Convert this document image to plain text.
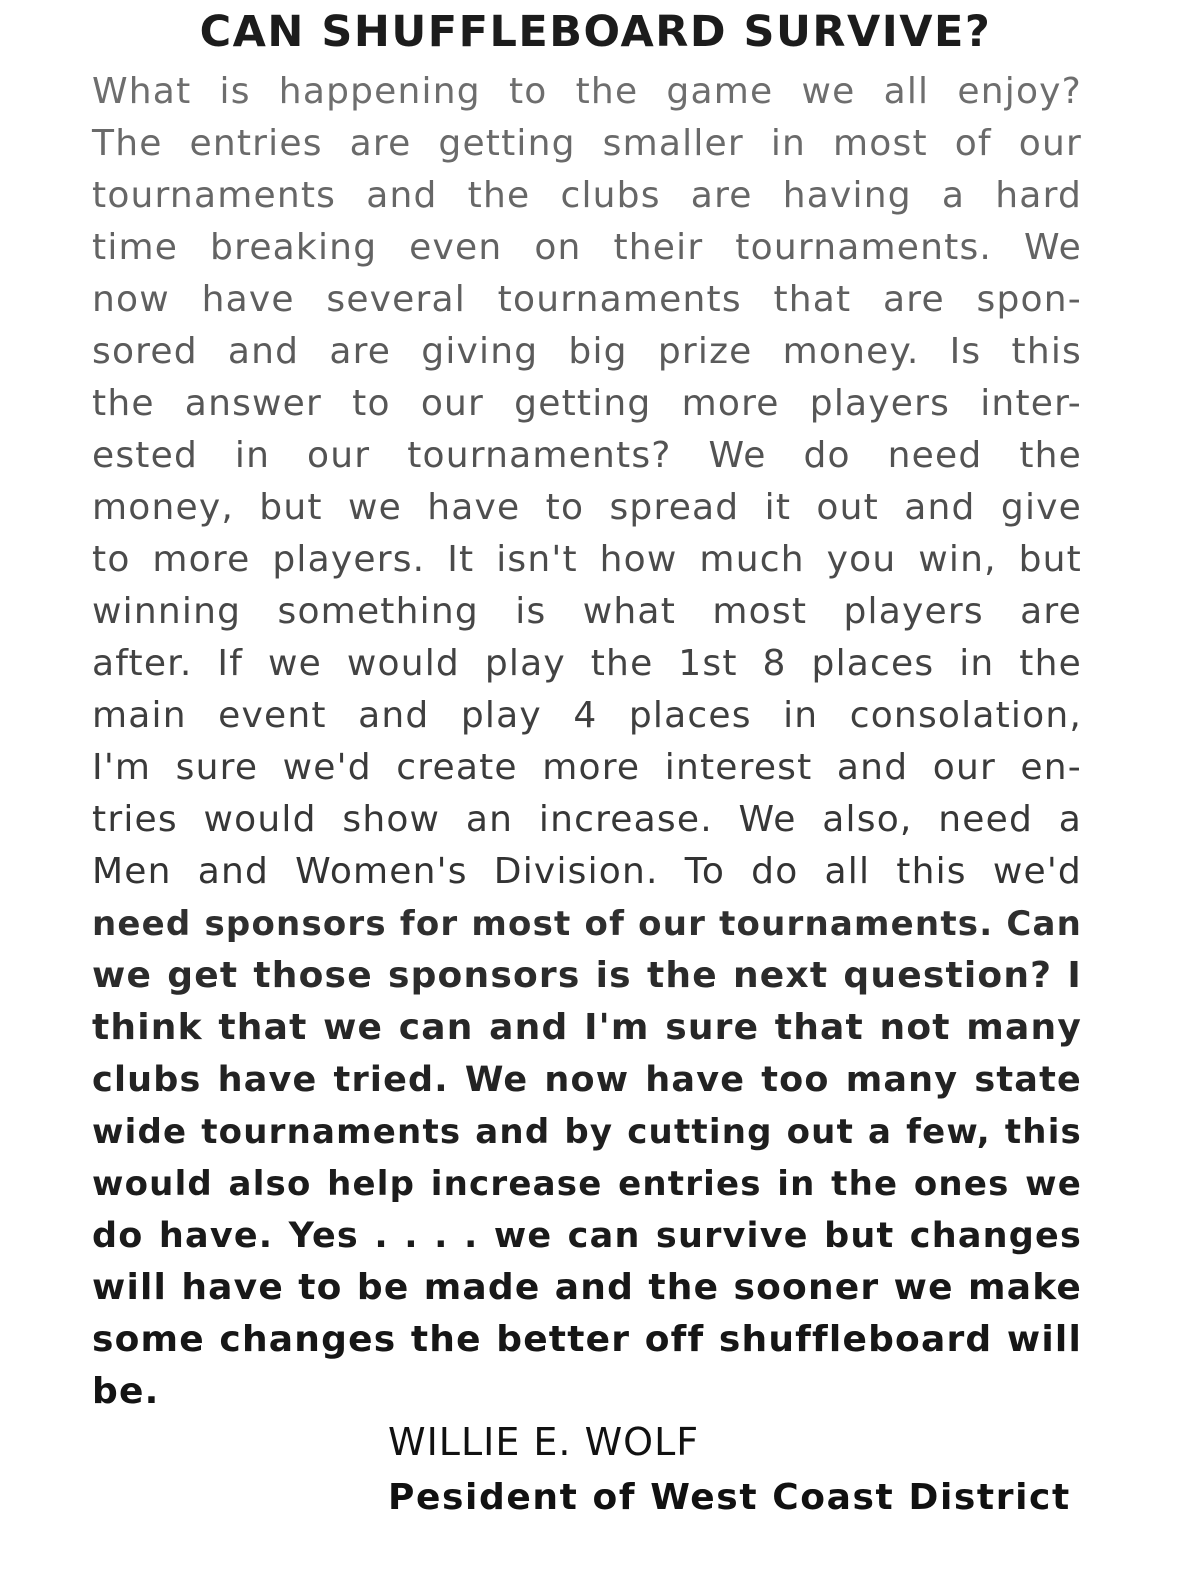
CAN SHUFFLEBOARD SURVIVE?
What is happening to the game we all enjoy?
The entries are getting smaller in most of our
tournaments and the clubs are having a hard
time breaking even on their tournaments. We
now have several tournaments that are spon-
sored and are giving big prize money. Is this
the answer to our getting more players inter-
ested in our tournaments? We do need the
money, but we have to spread it out and give
to more players. It isn't how much you win, but
winning something is what most players are
after. If we would play the 1st 8 places in the
main event and play 4 places in consolation,
I'm sure we'd create more interest and our en-
tries would show an increase. We also, need a
Men and Women's Division. To do all this we'd
need sponsors for most of our tournaments. Can
we get those sponsors is the next question? I
think that we can and I'm sure that not many
clubs have tried. We now have too many state
wide tournaments and by cutting out a few, this
would also help increase entries in the ones we
do have. Yes . . . . we can survive but changes
will have to be made and the sooner we make
some changes the better off shuffleboard will
be.
WILLIE E. WOLF
Pesident of West Coast District
